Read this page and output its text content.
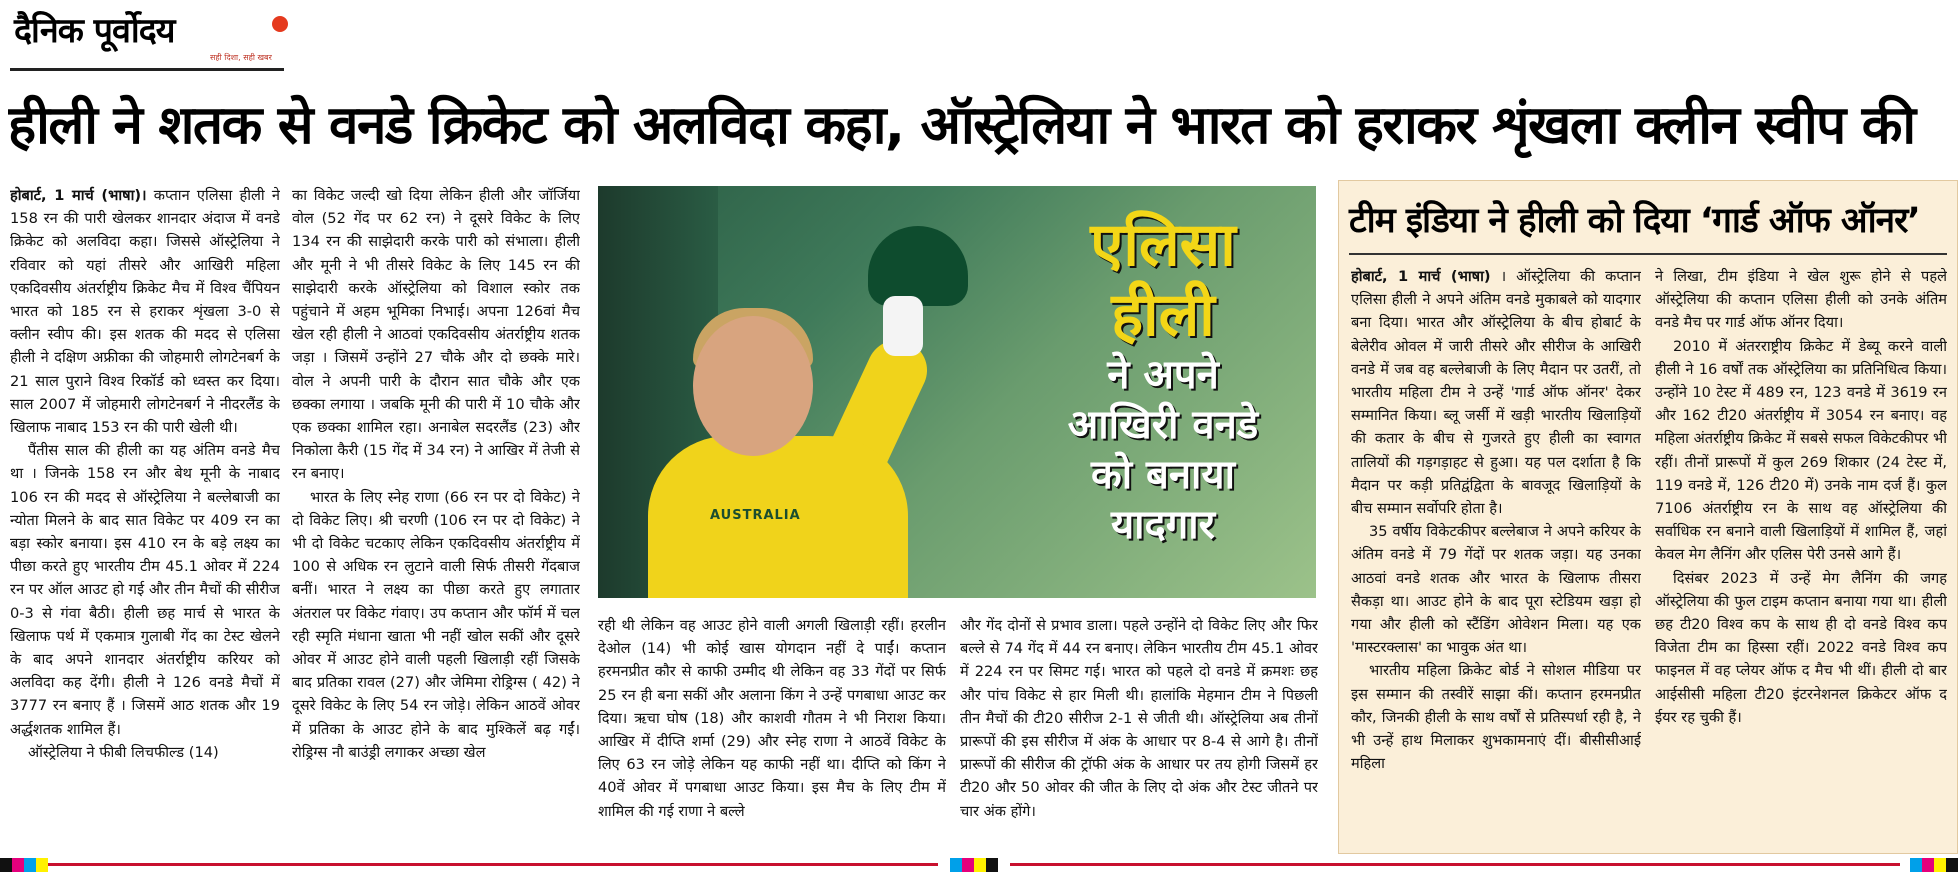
दैनिक पूर्वोदय
सही दिशा, सही खबर
हीली ने शतक से वनडे क्रिकेट को अलविदा कहा, ऑस्ट्रेलिया ने भारत को हराकर शृंखला क्लीन स्वीप की

होबार्ट, 1 मार्च (भाषा)। कप्तान एलिसा हीली ने 158 रन की पारी खेलकर शानदार अंदाज में वनडे क्रिकेट को अलविदा कहा। जिससे ऑस्ट्रेलिया ने रविवार को यहां तीसरे और आखिरी महिला एकदिवसीय अंतर्राष्ट्रीय क्रिकेट मैच में विश्व चैंपियन भारत को 185 रन से हराकर शृंखला 3-0 से क्लीन स्वीप की। इस शतक की मदद से एलिसा हीली ने दक्षिण अफ्रीका की जोहमारी लोगटेनबर्ग के 21 साल पुराने विश्व रिकॉर्ड को ध्वस्त कर दिया। साल 2007 में जोहमारी लोगटेनबर्ग ने नीदरलैंड के खिलाफ नाबाद 153 रन की पारी खेली थी।

पैंतीस साल की हीली का यह अंतिम वनडे मैच था । जिनके 158 रन और बेथ मूनी के नाबाद 106 रन की मदद से ऑस्ट्रेलिया ने बल्लेबाजी का न्योता मिलने के बाद सात विकेट पर 409 रन का बड़ा स्कोर बनाया। इस 410 रन के बड़े लक्ष्य का पीछा करते हुए भारतीय टीम 45.1 ओवर में 224 रन पर ऑल आउट हो गई और तीन मैचों की सीरीज 0-3 से गंवा बैठी। हीली छह मार्च से भारत के खिलाफ पर्थ में एकमात्र गुलाबी गेंद का टेस्ट खेलने के बाद अपने शानदार अंतर्राष्ट्रीय करियर को अलविदा कह देंगी। हीली ने 126 वनडे मैचों में 3777 रन बनाए हैं । जिसमें आठ शतक और 19 अर्द्धशतक शामिल हैं।

ऑस्ट्रेलिया ने फीबी लिचफील्ड (14)

का विकेट जल्दी खो दिया लेकिन हीली और जॉर्जिया वोल (52 गेंद पर 62 रन) ने दूसरे विकेट के लिए 134 रन की साझेदारी करके पारी को संभाला। हीली और मूनी ने भी तीसरे विकेट के लिए 145 रन की साझेदारी करके ऑस्ट्रेलिया को विशाल स्कोर तक पहुंचाने में अहम भूमिका निभाई। अपना 126वां मैच खेल रही हीली ने आठवां एकदिवसीय अंतर्राष्ट्रीय शतक जड़ा । जिसमें उन्होंने 27 चौके और दो छक्के मारे। वोल ने अपनी पारी के दौरान सात चौके और एक छक्का लगाया । जबकि मूनी की पारी में 10 चौके और एक छक्का शामिल रहा। अनाबेल सदरलैंड (23) और निकोला कैरी (15 गेंद में 34 रन) ने आखिर में तेजी से रन बनाए।

भारत के लिए स्नेह राणा (66 रन पर दो विकेट) ने दो विकेट लिए। श्री चरणी (106 रन पर दो विकेट) ने भी दो विकेट चटकाए लेकिन एकदिवसीय अंतर्राष्ट्रीय में 100 से अधिक रन लुटाने वाली सिर्फ तीसरी गेंदबाज बनीं। भारत ने लक्ष्य का पीछा करते हुए लगातार अंतराल पर विकेट गंवाए। उप कप्तान और फॉर्म में चल रही स्मृति मंधाना खाता भी नहीं खोल सकीं और दूसरे ओवर में आउट होने वाली पहली खिलाड़ी रहीं जिसके बाद प्रतिका रावल (27) और जेमिमा रोड्रिग्स ( 42) ने दूसरे विकेट के लिए 54 रन जोड़े। लेकिन आठवें ओवर में प्रतिका के आउट होने के बाद मुश्किलें बढ़ गईं। रोड्रिग्स नौ बाउंड्री लगाकर अच्छा खेल

रही थी लेकिन वह आउट होने वाली अगली खिलाड़ी रहीं। हरलीन देओल (14) भी कोई खास योगदान नहीं दे पाईं। कप्तान हरमनप्रीत कौर से काफी उम्मीद थी लेकिन वह 33 गेंदों पर सिर्फ 25 रन ही बना सकीं और अलाना किंग ने उन्हें पगबाधा आउट कर दिया। ऋचा घोष (18) और काशवी गौतम ने भी निराश किया। आखिर में दीप्ति शर्मा (29) और स्नेह राणा ने आठवें विकेट के लिए 63 रन जोड़े लेकिन यह काफी नहीं था। दीप्ति को किंग ने 40वें ओवर में पगबाधा आउट किया। इस मैच के लिए टीम में शामिल की गई राणा ने बल्ले

और गेंद दोनों से प्रभाव डाला। पहले उन्होंने दो विकेट लिए और फिर बल्ले से 74 गेंद में 44 रन बनाए। लेकिन भारतीय टीम 45.1 ओवर में 224 रन पर सिमट गई। भारत को पहले दो वनडे में क्रमशः छह और पांच विकेट से हार मिली थी। हालांकि मेहमान टीम ने पिछली तीन मैचों की टी20 सीरीज 2-1 से जीती थी। ऑस्ट्रेलिया अब तीनों प्रारूपों की इस सीरीज में अंक के आधार पर 8-4 से आगे है। तीनों प्रारूपों की सीरीज की ट्रॉफी अंक के आधार पर तय होगी जिसमें हर टी20 और 50 ओवर की जीत के लिए दो अंक और टेस्ट जीतने पर चार अंक होंगे।

AUSTRALIA
एलिसा
हीली
ने अपने
आखिरी वनडे
को बनाया
यादगार
टीम इंडिया ने हीली को दिया ‘गार्ड ऑफ ऑनर’

होबार्ट, 1 मार्च (भाषा) । ऑस्ट्रेलिया की कप्तान एलिसा हीली ने अपने अंतिम वनडे मुकाबले को यादगार बना दिया। भारत और ऑस्ट्रेलिया के बीच होबार्ट के बेलेरीव ओवल में जारी तीसरे और सीरीज के आखिरी वनडे में जब वह बल्लेबाजी के लिए मैदान पर उतरीं, तो भारतीय महिला टीम ने उन्हें 'गार्ड ऑफ ऑनर' देकर सम्मानित किया। ब्लू जर्सी में खड़ी भारतीय खिलाड़ियों की कतार के बीच से गुजरते हुए हीली का स्वागत तालियों की गड़गड़ाहट से हुआ। यह पल दर्शाता है कि मैदान पर कड़ी प्रतिद्वंद्विता के बावजूद खिलाड़ियों के बीच सम्मान सर्वोपरि होता है।

35 वर्षीय विकेटकीपर बल्लेबाज ने अपने करियर के अंतिम वनडे में 79 गेंदों पर शतक जड़ा। यह उनका आठवां वनडे शतक और भारत के खिलाफ तीसरा सैकड़ा था। आउट होने के बाद पूरा स्टेडियम खड़ा हो गया और हीली को स्टैंडिंग ओवेशन मिला। यह एक 'मास्टरक्लास' का भावुक अंत था।

भारतीय महिला क्रिकेट बोर्ड ने सोशल मीडिया पर इस सम्मान की तस्वीरें साझा कीं। कप्तान हरमनप्रीत कौर, जिनकी हीली के साथ वर्षों से प्रतिस्पर्धा रही है, ने भी उन्हें हाथ मिलाकर शुभकामनाएं दीं। बीसीसीआई महिला

ने लिखा, टीम इंडिया ने खेल शुरू होने से पहले ऑस्ट्रेलिया की कप्तान एलिसा हीली को उनके अंतिम वनडे मैच पर गार्ड ऑफ ऑनर दिया।

2010 में अंतरराष्ट्रीय क्रिकेट में डेब्यू करने वाली हीली ने 16 वर्षों तक ऑस्ट्रेलिया का प्रतिनिधित्व किया। उन्होंने 10 टेस्ट में 489 रन, 123 वनडे में 3619 रन और 162 टी20 अंतर्राष्ट्रीय में 3054 रन बनाए। वह महिला अंतर्राष्ट्रीय क्रिकेट में सबसे सफल विकेटकीपर भी रहीं। तीनों प्रारूपों में कुल 269 शिकार (24 टेस्ट में, 119 वनडे में, 126 टी20 में) उनके नाम दर्ज हैं। कुल 7106 अंतर्राष्ट्रीय रन के साथ वह ऑस्ट्रेलिया की सर्वाधिक रन बनाने वाली खिलाड़ियों में शामिल हैं, जहां केवल मेग लैनिंग और एलिस पेरी उनसे आगे हैं।

दिसंबर 2023 में उन्हें मेग लैनिंग की जगह ऑस्ट्रेलिया की फुल टाइम कप्तान बनाया गया था। हीली छह टी20 विश्व कप के साथ ही दो वनडे विश्व कप विजेता टीम का हिस्सा रहीं। 2022 वनडे विश्व कप फाइनल में वह प्लेयर ऑफ द मैच भी थीं। हीली दो बार आईसीसी महिला टी20 इंटरनेशनल क्रिकेटर ऑफ द ईयर रह चुकी हैं।
